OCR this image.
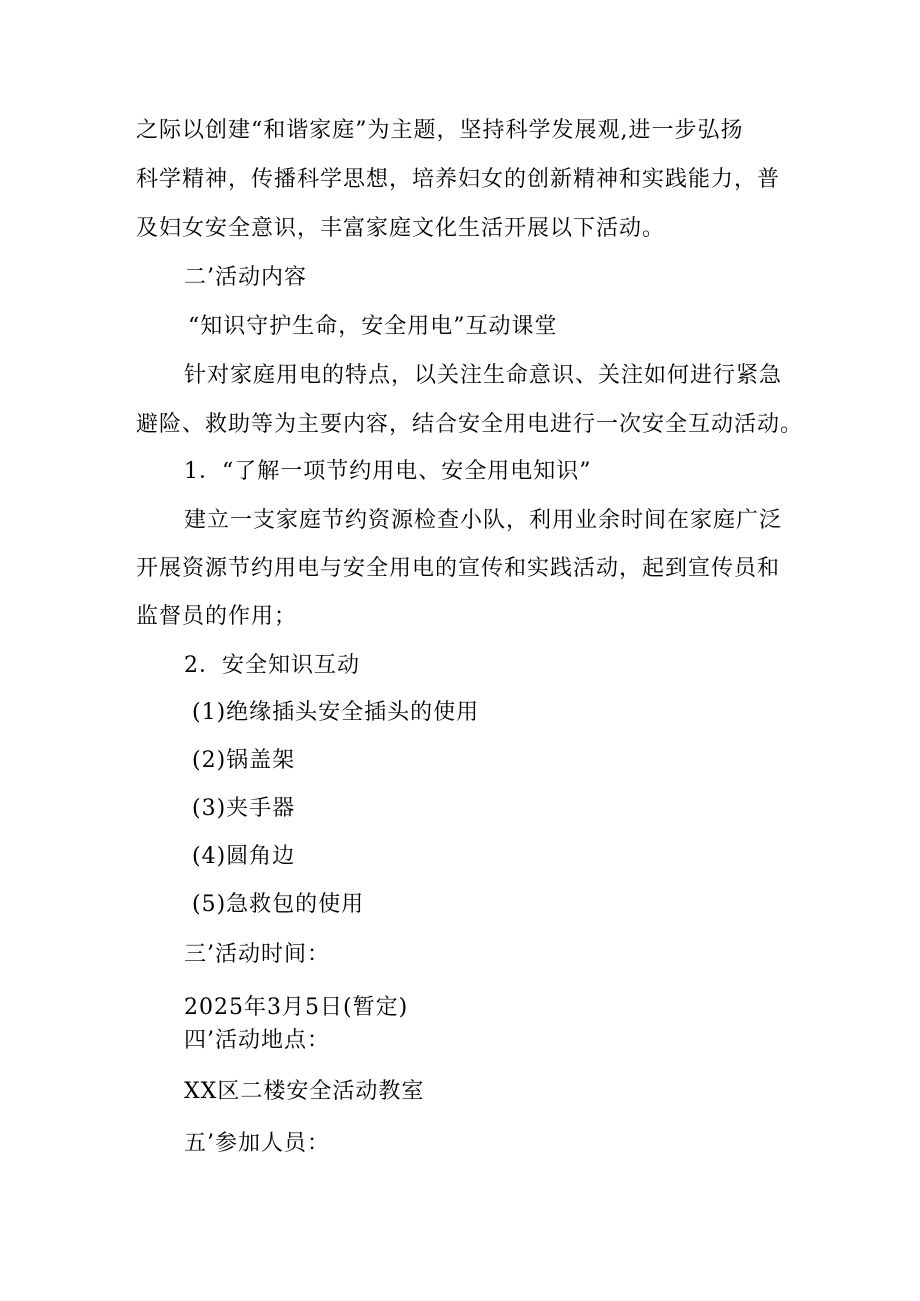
之际以创建“和谐家庭”为主题，坚持科学发展观,进一步弘扬
科学精神，传播科学思想，培养妇女的创新精神和实践能力，普
及妇女安全意识，丰富家庭文化生活开展以下活动。
二’活动内容
“知识守护生命，安全用电”互动课堂
针对家庭用电的特点，以关注生命意识、关注如何进行紧急
避险、救助等为主要内容，结合安全用电进行一次安全互动活动。
1．“了解一项节约用电、安全用电知识”
建立一支家庭节约资源检查小队，利用业余时间在家庭广泛
开展资源节约用电与安全用电的宣传和实践活动，起到宣传员和
监督员的作用；
2．安全知识互动
(1)绝缘插头安全插头的使用
(2)锅盖架
(3)夹手器
(4)圆角边
(5)急救包的使用
三’活动时间：
2025年3月5日(暂定)
四’活动地点：
XX区二楼安全活动教室
五’参加人员：
